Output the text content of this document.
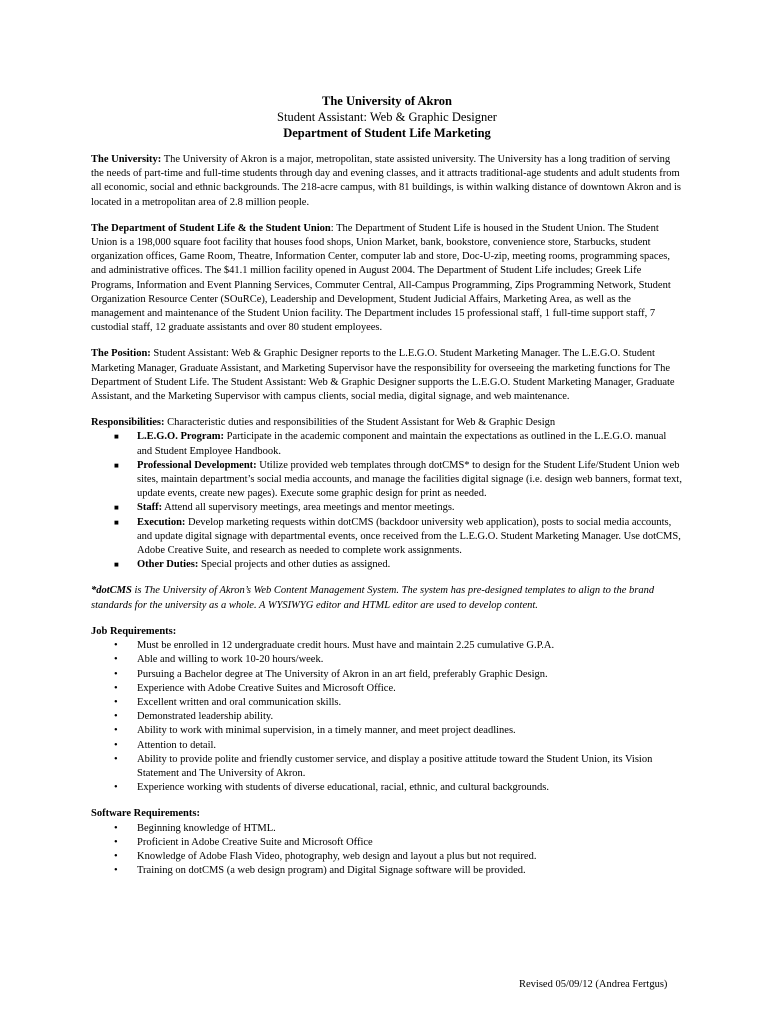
The University of Akron
Student Assistant: Web & Graphic Designer
Department of Student Life Marketing

The University: The University of Akron is a major, metropolitan, state assisted university. The University has a long tradition of serving the needs of part-time and full-time students through day and evening classes, and it attracts traditional-age students and adult students from all economic, social and ethnic backgrounds. The 218-acre campus, with 81 buildings, is within walking distance of downtown Akron and is located in a metropolitan area of 2.8 million people.

The Department of Student Life & the Student Union: The Department of Student Life is housed in the Student Union. The Student Union is a 198,000 square foot facility that houses food shops, Union Market, bank, bookstore, convenience store, Starbucks, student organization offices, Game Room, Theatre, Information Center, computer lab and store, Doc-U-zip, meeting rooms, programming spaces, and administrative offices. The $41.1 million facility opened in August 2004. The Department of Student Life includes; Greek Life Programs, Information and Event Planning Services, Commuter Central, All-Campus Programming, Zips Programming Network, Student Organization Resource Center (SOuRCe), Leadership and Development, Student Judicial Affairs, Marketing Area, as well as the management and maintenance of the Student Union facility. The Department includes 15 professional staff, 1 full-time support staff, 7 custodial staff, 12 graduate assistants and over 80 student employees.

The Position: Student Assistant: Web & Graphic Designer reports to the L.E.G.O. Student Marketing Manager. The L.E.G.O. Student Marketing Manager, Graduate Assistant, and Marketing Supervisor have the responsibility for overseeing the marketing functions for The Department of Student Life. The Student Assistant: Web & Graphic Designer supports the L.E.G.O. Student Marketing Manager, Graduate Assistant, and the Marketing Supervisor with campus clients, social media, digital signage, and web maintenance.

Responsibilities: Characteristic duties and responsibilities of the Student Assistant for Web & Graphic Design
■ L.E.G.O. Program: Participate in the academic component and maintain the expectations as outlined in the L.E.G.O. manual and Student Employee Handbook.
■ Professional Development: Utilize provided web templates through dotCMS* to design for the Student Life/Student Union web sites, maintain department’s social media accounts, and manage the facilities digital signage (i.e. design web banners, format text, update events, create new pages). Execute some graphic design for print as needed.
■ Staff: Attend all supervisory meetings, area meetings and mentor meetings.
■ Execution: Develop marketing requests within dotCMS (backdoor university web application), posts to social media accounts, and update digital signage with departmental events, once received from the L.E.G.O. Student Marketing Manager. Use dotCMS, Adobe Creative Suite, and research as needed to complete work assignments.
■ Other Duties: Special projects and other duties as assigned.

*dotCMS is The University of Akron’s Web Content Management System. The system has pre-designed templates to align to the brand standards for the university as a whole. A WYSIWYG editor and HTML editor are used to develop content.

Job Requirements:
• Must be enrolled in 12 undergraduate credit hours. Must have and maintain 2.25 cumulative G.P.A.
• Able and willing to work 10-20 hours/week.
• Pursuing a Bachelor degree at The University of Akron in an art field, preferably Graphic Design.
• Experience with Adobe Creative Suites and Microsoft Office.
• Excellent written and oral communication skills.
• Demonstrated leadership ability.
• Ability to work with minimal supervision, in a timely manner, and meet project deadlines.
• Attention to detail.
• Ability to provide polite and friendly customer service, and display a positive attitude toward the Student Union, its Vision Statement and The University of Akron.
• Experience working with students of diverse educational, racial, ethnic, and cultural backgrounds.
Software Requirements:
• Beginning knowledge of HTML.
• Proficient in Adobe Creative Suite and Microsoft Office
• Knowledge of Adobe Flash Video, photography, web design and layout a plus but not required.
• Training on dotCMS (a web design program) and Digital Signage software will be provided.
Revised 05/09/12 (Andrea Fertgus)
